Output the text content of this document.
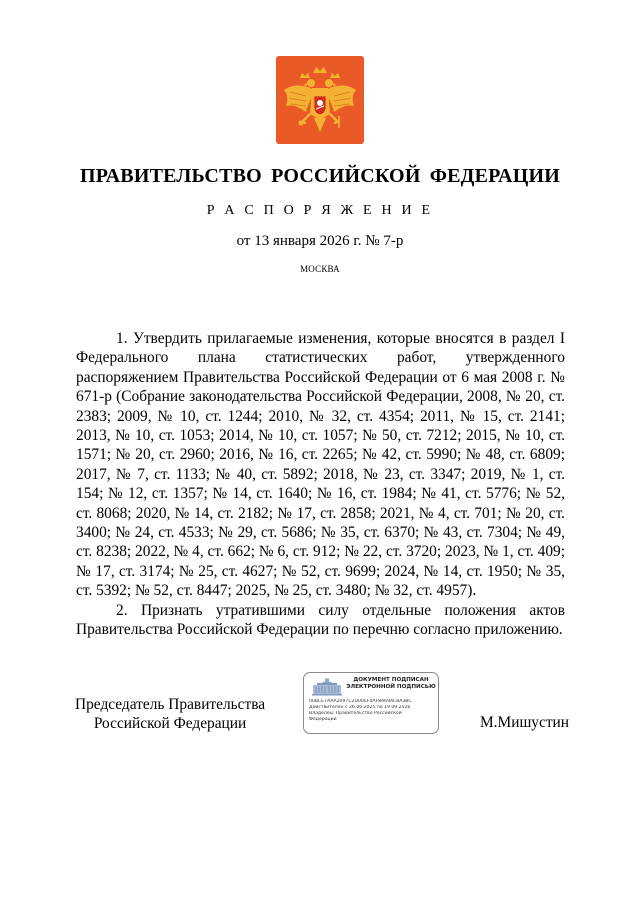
ПРАВИТЕЛЬСТВО РОССИЙСКОЙ ФЕДЕРАЦИИ
Р А С П О Р Я Ж Е Н И Е
от 13 января 2026 г. № 7-р
МОСКВА

1. Утвердить прилагаемые изменения, которые вносятся в раздел I Федерального плана статистических работ, утвержденного распоряжением Правительства Российской Федерации от 6 мая 2008 г. № 671-р (Собрание законодательства Российской Федерации, 2008, № 20, ст. 2383; 2009, № 10, ст. 1244; 2010, № 32, ст. 4354; 2011, № 15, ст. 2141; 2013, № 10, ст. 1053; 2014, № 10, ст. 1057; № 50, ст. 7212; 2015, № 10, ст. 1571; № 20, ст. 2960; 2016, № 16, ст. 2265; № 42, ст. 5990; № 48, ст. 6809; 2017, № 7, ст. 1133; № 40, ст. 5892; 2018, № 23, ст. 3347; 2019, № 1, ст. 154; № 12, ст. 1357; № 14, ст. 1640; № 16, ст. 1984; № 41, ст. 5776; № 52, ст. 8068; 2020, № 14, ст. 2182; № 17, ст. 2858; 2021, № 4, ст. 701; № 20, ст. 3400; № 24, ст. 4533; № 29, ст. 5686; № 35, ст. 6370; № 43, ст. 7304; № 49, ст. 8238; 2022, № 4, ст. 662; № 6, ст. 912; № 22, ст. 3720; 2023, № 1, ст. 409; № 17, ст. 3174; № 25, ст. 4627; № 52, ст. 9699; 2024, № 14, ст. 1950; № 35, ст. 5392; № 52, ст. 8447; 2025, № 25, ст. 3480; № 32, ст. 4957).

2. Признать утратившими силу отдельные положения актов Правительства Российской Федерации по перечню согласно приложению.

Председатель Правительства
Российской Федерации
ДОКУМЕНТ ПОДПИСАН
ЭЛЕКТРОННОЙ ПОДПИСЬЮ
00BCE7AAA2097C2D00EF4AF8A69AC8A3BC
Действителен с 26.06.2025 по 19.09.2026
Владелец: Правительство Российской
Федерации	М.Мишустин
